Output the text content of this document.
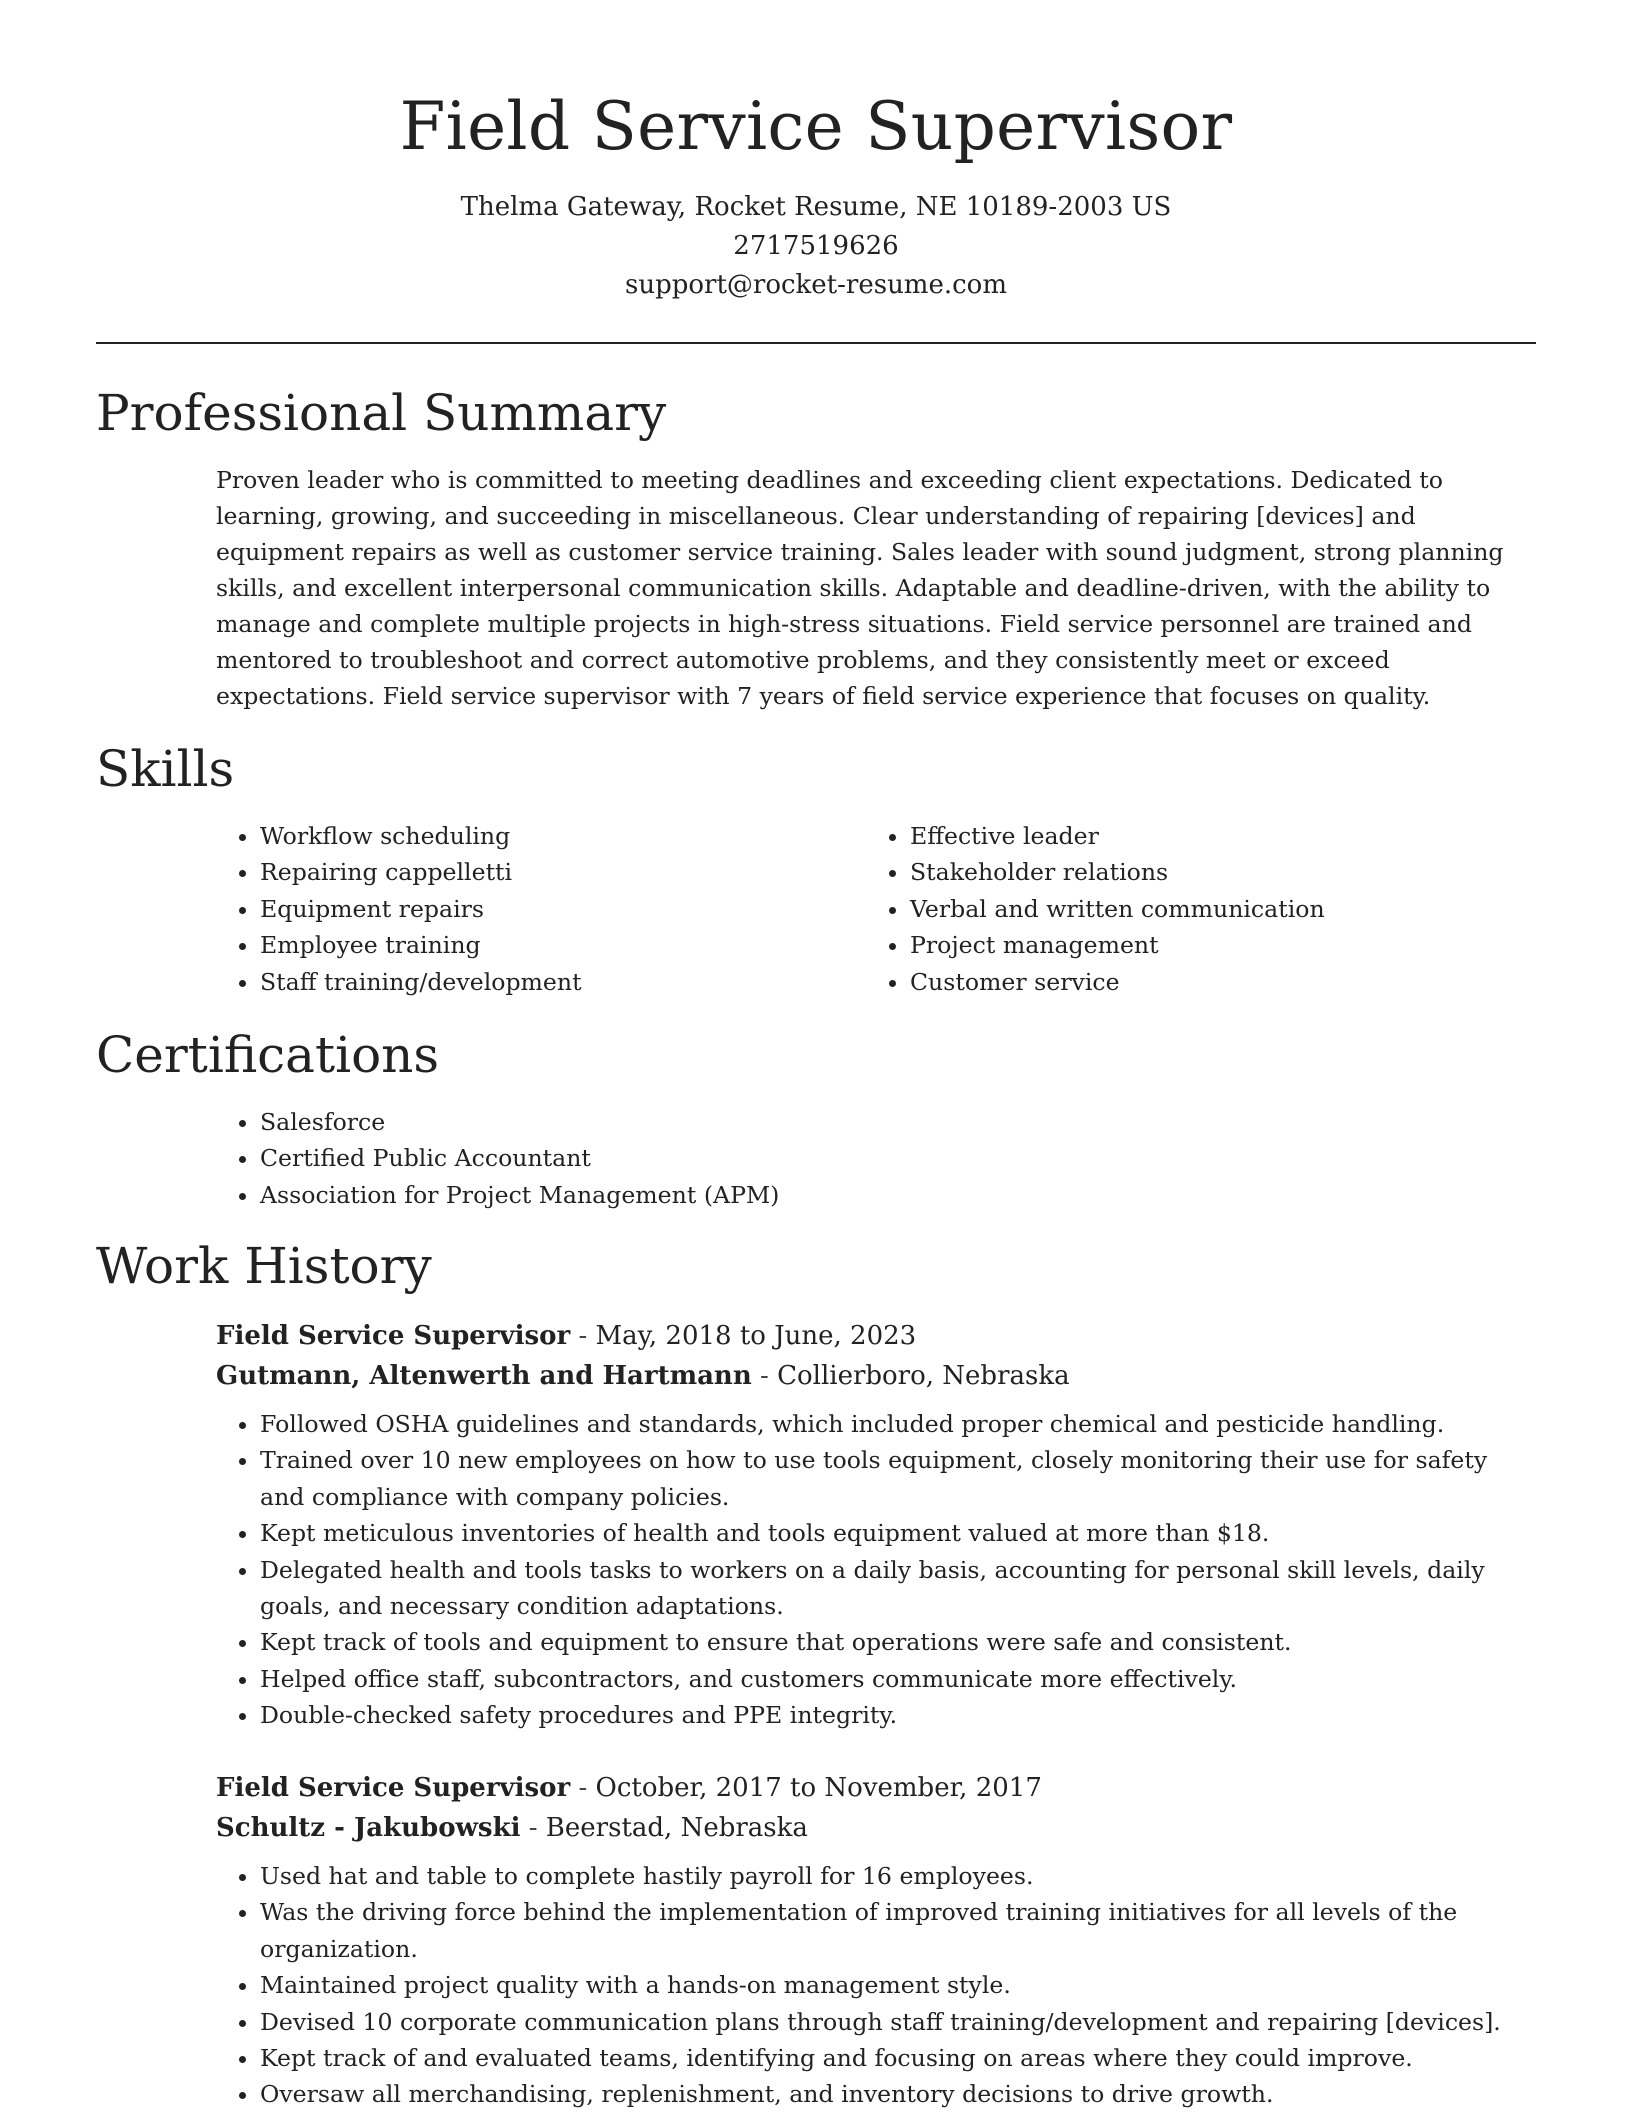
Field Service Supervisor
Thelma Gateway, Rocket Resume, NE 10189-2003 US
2717519626
support@rocket-resume.com
Professional Summary

Proven leader who is committed to meeting deadlines and exceeding client expectations. Dedicated to learning, growing, and succeeding in miscellaneous. Clear understanding of repairing [devices] and equipment repairs as well as customer service training. Sales leader with sound judgment, strong planning skills, and excellent interpersonal communication skills. Adaptable and deadline-driven, with the ability to manage and complete multiple projects in high-stress situations. Field service personnel are trained and mentored to troubleshoot and correct automotive problems, and they consistently meet or exceed expectations. Field service supervisor with 7 years of field service experience that focuses on quality.

Skills
• Workflow scheduling
• Repairing cappelletti
• Equipment repairs
• Employee training
• Staff training/development
• Effective leader
• Stakeholder relations
• Verbal and written communication
• Project management
• Customer service
Certifications
• Salesforce
• Certified Public Accountant
• Association for Project Management (APM)
Work History
Field Service Supervisor - May, 2018 to June, 2023
Gutmann, Altenwerth and Hartmann - Collierboro, Nebraska
• Followed OSHA guidelines and standards, which included proper chemical and pesticide handling.
• Trained over 10 new employees on how to use tools equipment, closely monitoring their use for safety and compliance with company policies.
• Kept meticulous inventories of health and tools equipment valued at more than $18.
• Delegated health and tools tasks to workers on a daily basis, accounting for personal skill levels, daily goals, and necessary condition adaptations.
• Kept track of tools and equipment to ensure that operations were safe and consistent.
• Helped office staff, subcontractors, and customers communicate more effectively.
• Double-checked safety procedures and PPE integrity.
Field Service Supervisor - October, 2017 to November, 2017
Schultz - Jakubowski - Beerstad, Nebraska
• Used hat and table to complete hastily payroll for 16 employees.
• Was the driving force behind the implementation of improved training initiatives for all levels of the organization.
• Maintained project quality with a hands-on management style.
• Devised 10 corporate communication plans through staff training/development and repairing [devices].
• Kept track of and evaluated teams, identifying and focusing on areas where they could improve.
• Oversaw all merchandising, replenishment, and inventory decisions to drive growth.
